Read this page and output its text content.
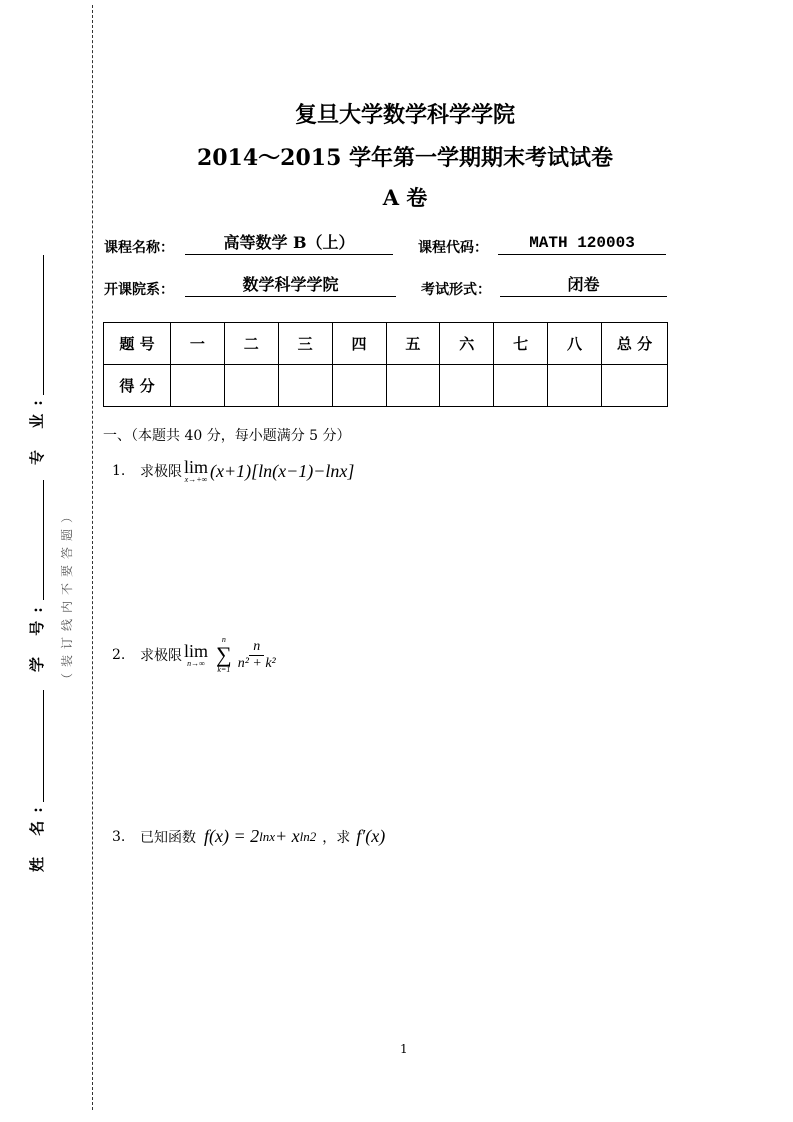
专 业:
学 号:
姓 名:
（装订线内不要答题）
复旦大学数学科学学院
2014～2015 学年第一学期期末考试试卷
A 卷
课程名称：	高等数学 B（上）	课程代码：	MATH 120003
开课院系：	数学科学学院	考试形式：	闭卷
题 号	一	二	三	四	五	六	七	八	总 分
得 分									
一、（本题共 40 分，每小题满分 5 分）
1.	求极限 lim
x→+∞ (x+1)[ln(x−1)−lnx]
2.	求极限 lim
n→∞
n
∑
$k=1 \frac{n}{\text{n² + k²}}$
3.	已知函数 f(x) = 2 lnx + x ln2 ，求 f′(x)
1
